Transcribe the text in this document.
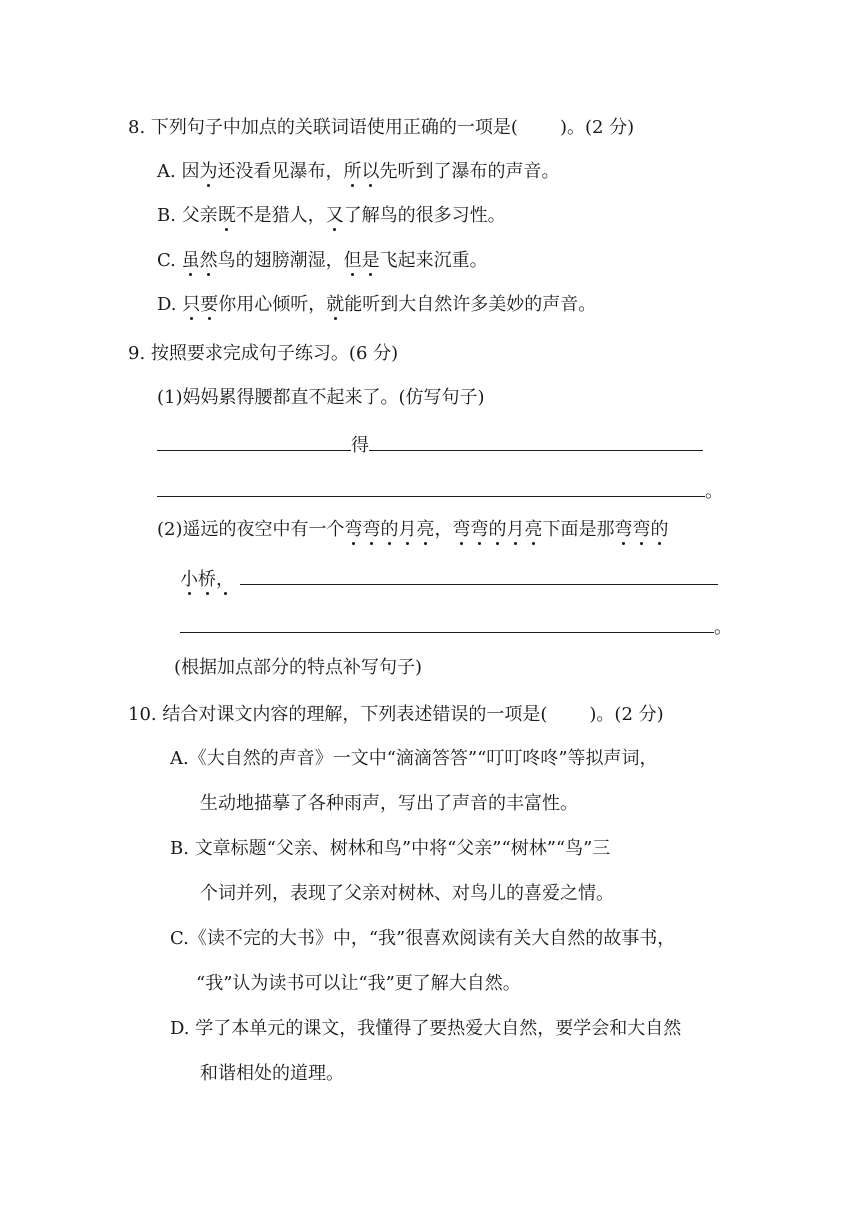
8. 下列句子中加点的关联词语使用正确的一项是( )。(2 分)
A. 因为还没看见瀑布，所以先听到了瀑布的声音。
B. 父亲既不是猎人，又了解鸟的很多习性。
C. 虽然鸟的翅膀潮湿，但是飞起来沉重。
D. 只要你用心倾听，就能听到大自然许多美妙的声音。
9. 按照要求完成句子练习。(6 分)
(1)妈妈累得腰都直不起来了。(仿写句子)
得
。
(2)遥远的夜空中有一个弯弯的月亮，弯弯的月亮下面是那弯弯的
小桥，
。
(根据加点部分的特点补写句子)
10. 结合对课文内容的理解，下列表述错误的一项是( )。(2 分)
A.《大自然的声音》一文中“滴滴答答”“叮叮咚咚”等拟声词，
生动地描摹了各种雨声，写出了声音的丰富性。
B. 文章标题“父亲、树林和鸟”中将“父亲”“树林”“鸟”三
个词并列，表现了父亲对树林、对鸟儿的喜爱之情。
C.《读不完的大书》中，“我”很喜欢阅读有关大自然的故事书，
“我”认为读书可以让“我”更了解大自然。
D. 学了本单元的课文，我懂得了要热爱大自然，要学会和大自然
和谐相处的道理。
